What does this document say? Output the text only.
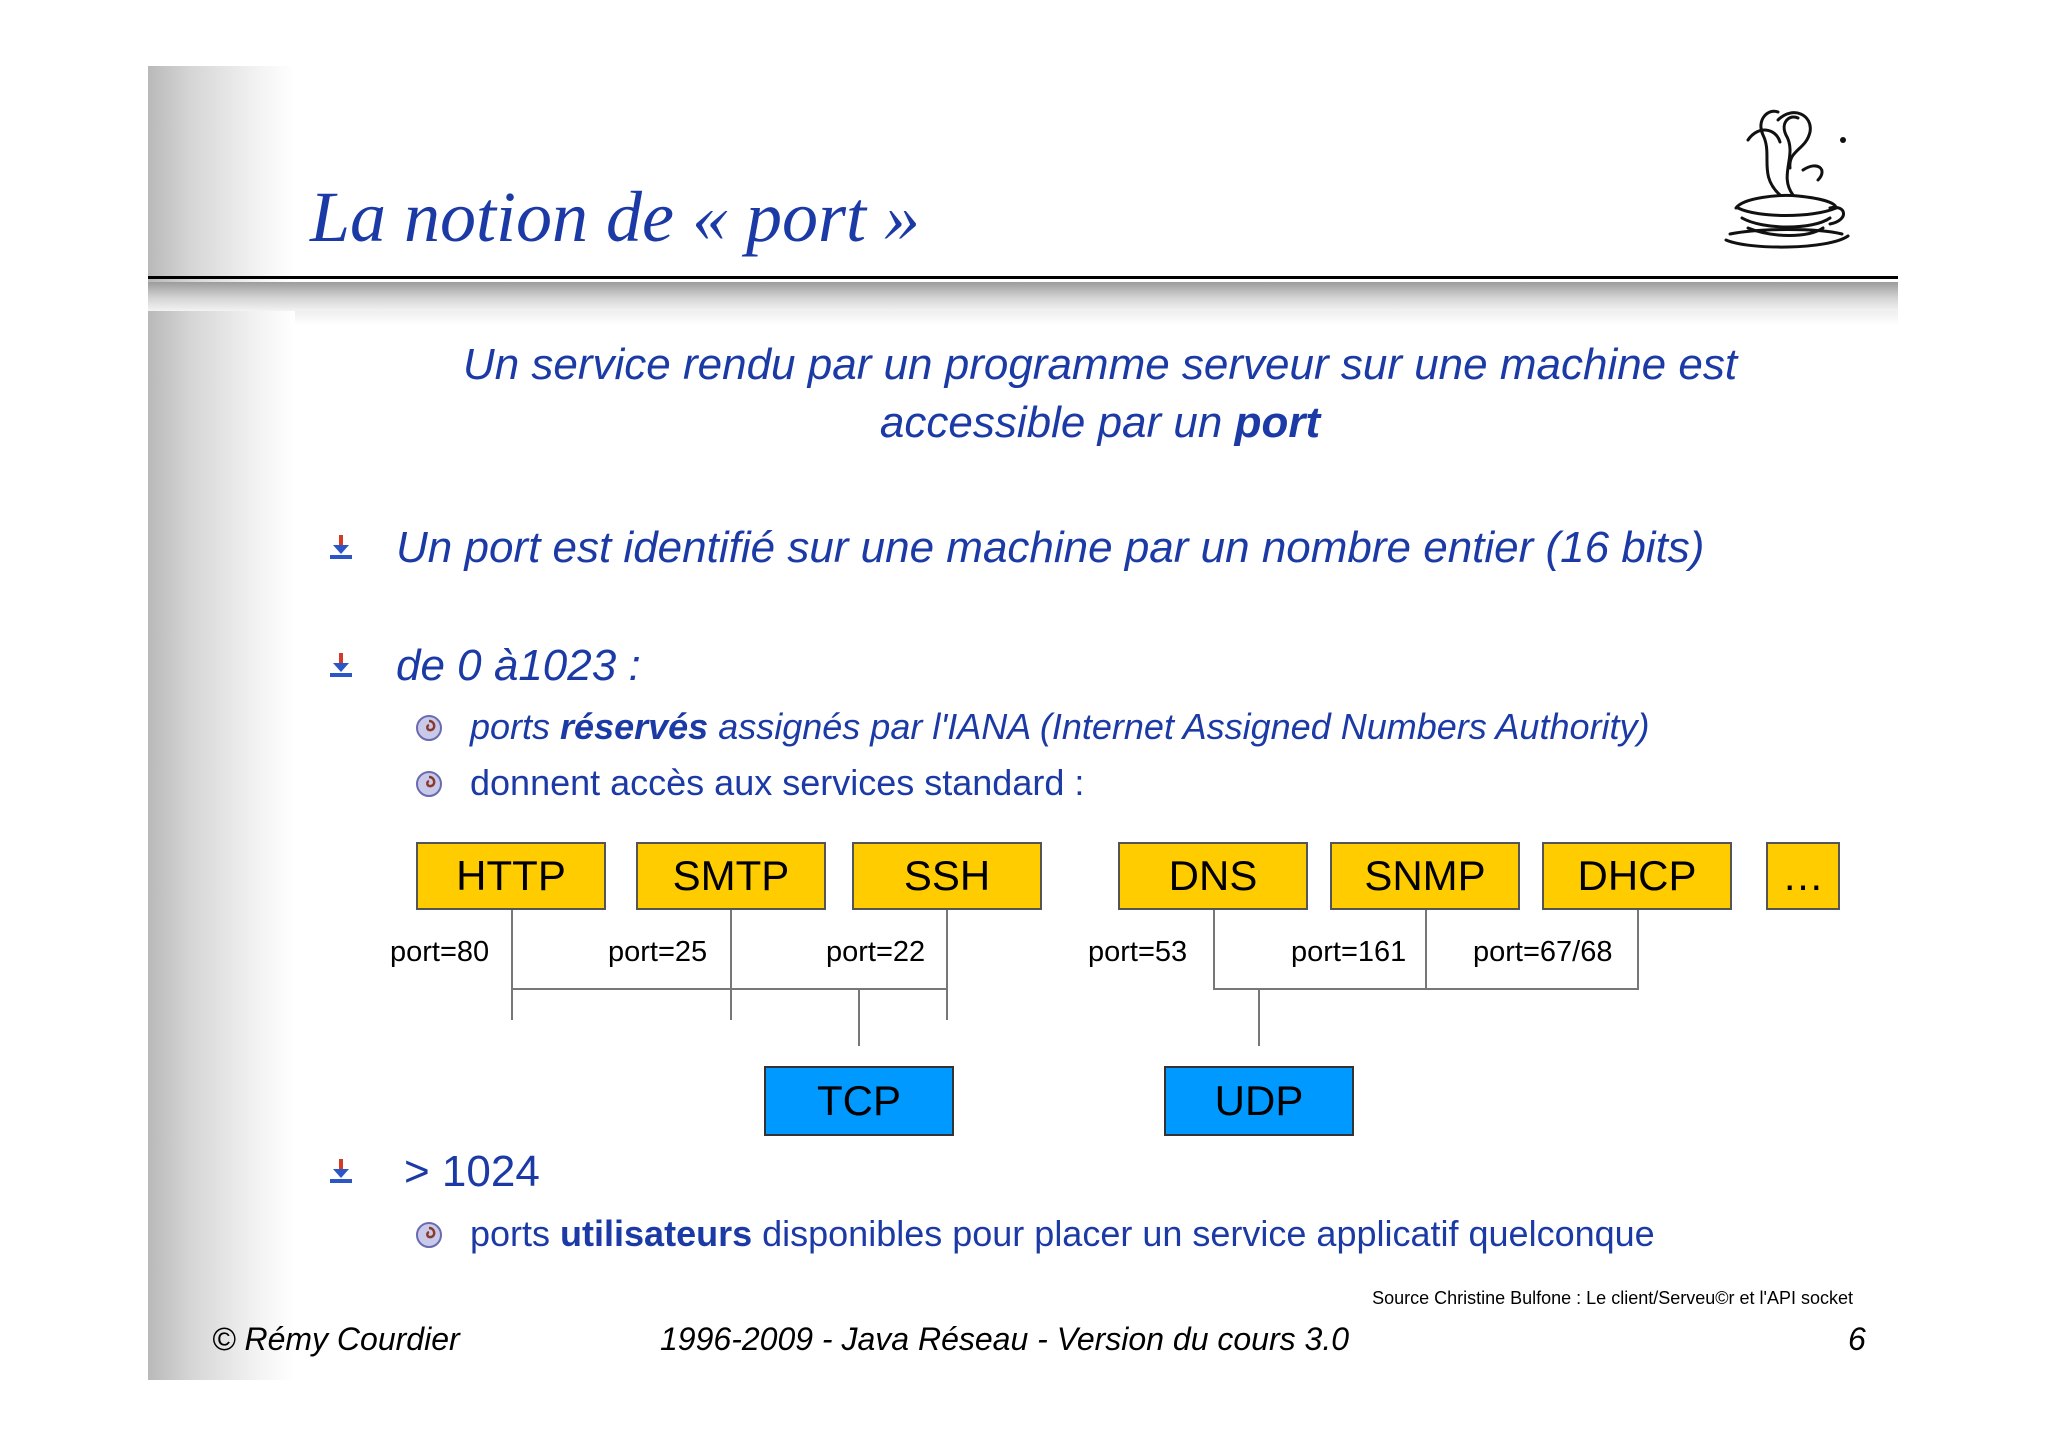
La notion de « port »
Un service rendu par un programme serveur sur une machine est
accessible par un port
Un port est identifié sur une machine par un nombre entier (16 bits)
de 0 à1023 :
ports réservés assignés par l'IANA (Internet Assigned Numbers Authority)
donnent accès aux services standard :
HTTP	SMTP	SSH	DNS	SNMP	DHCP	…
port=80	port=25	port=22	port=53	port=161 port=67/68
TCP	UDP
> 1024
ports utilisateurs disponibles pour placer un service applicatif quelconque
Source Christine Bulfone : Le client/Serveu©r et l'API socket
© Rémy Courdier	1996-2009 - Java Réseau - Version du cours 3.0	6
